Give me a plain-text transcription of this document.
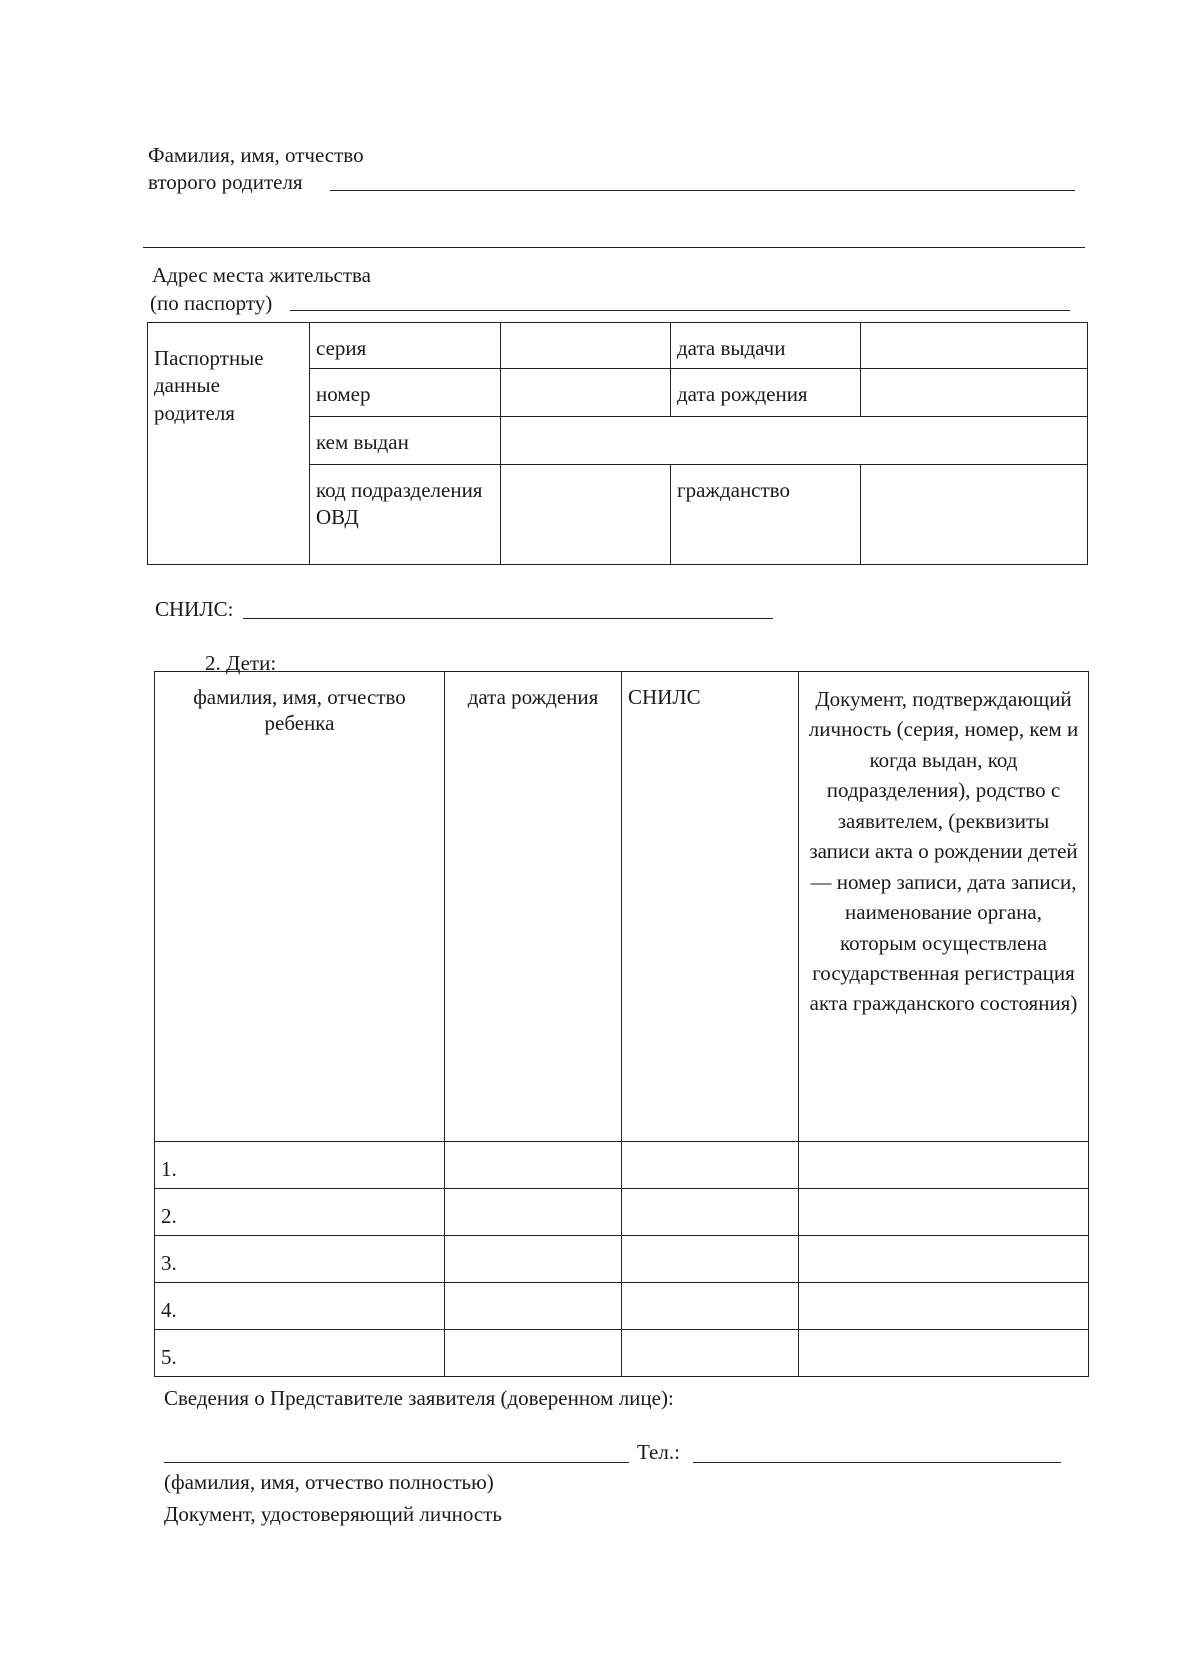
Фамилия, имя, отчество
второго родителя
Адрес места жительства
(по паспорту)
Паспортные данные родителя	серия		дата выдачи	
	номер		дата рождения	
	кем выдан			
	код подразделения ОВД		гражданство	
СНИЛС:
2. Дети:
фамилия, имя, отчество ребенка	дата рождения	СНИЛС	Документ, подтверждающий личность (серия, номер, кем и когда выдан, код подразделения), родство с заявителем, (реквизиты записи акта о рождении детей — номер записи, дата записи, наименование органа, которым осуществлена государственная регистрация акта гражданского состояния)
1.			
2.			
3.			
4.			
5.			
Сведения о Представителе заявителя (доверенном лице):
Тел.:
(фамилия, имя, отчество полностью)
Документ, удостоверяющий личность
